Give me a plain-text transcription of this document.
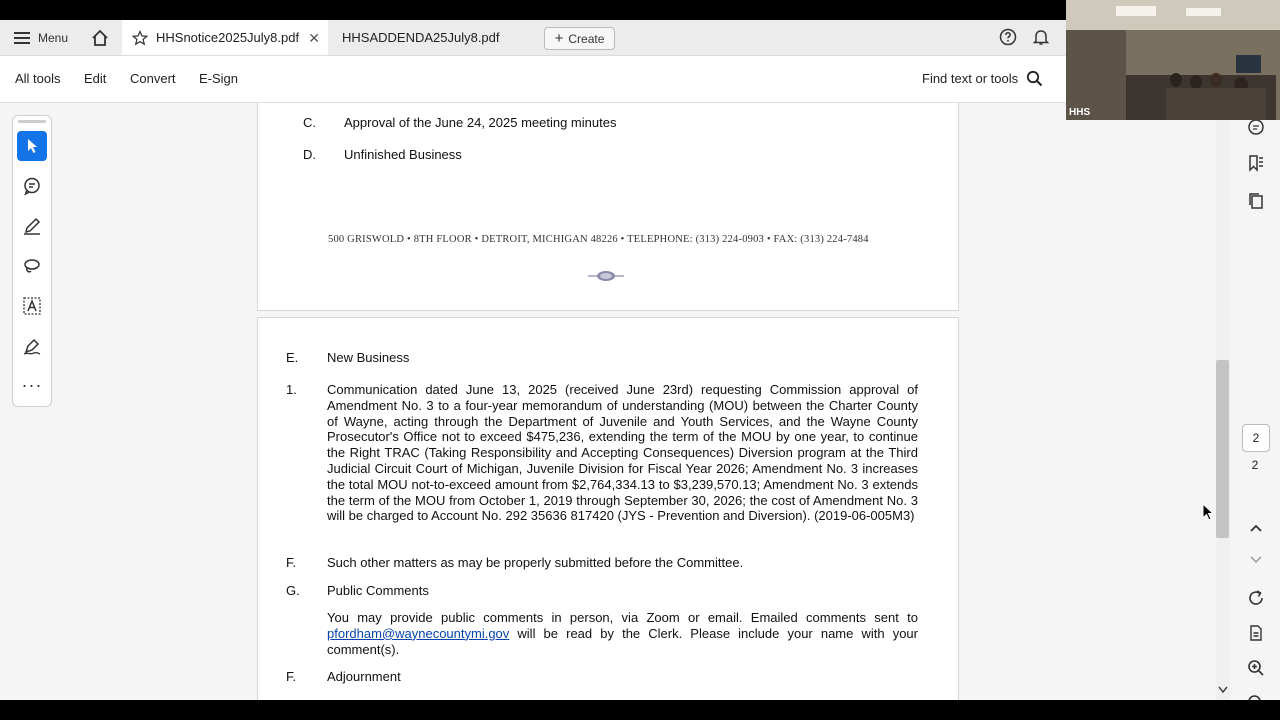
Menu	HHSnotice2025July8.pdf ✕ HHSADDENDA25July8.pdf	+ Create
All tools Edit Convert E-Sign	Find text or tools
···
C. Approval of the June 24, 2025 meeting minutes
D. Unfinished Business
500 GRISWOLD • 8TH FLOOR • DETROIT, MICHIGAN 48226 • TELEPHONE: (313) 224-0903 • FAX: (313) 224-7484
E. New Business
1. Communication dated June 13, 2025 (received June 23rd) requesting Commission approval of Amendment No. 3 to a four-year memorandum of understanding (MOU) between the Charter County of Wayne, acting through the Department of Juvenile and Youth Services, and the Wayne County Prosecutor's Office not to exceed $475,236, extending the term of the MOU by one year, to continue the Right TRAC (Taking Responsibility and Accepting Consequences) Diversion program at the Third Judicial Circuit Court of Michigan, Juvenile Division for Fiscal Year 2026; Amendment No. 3 increases the total MOU not-to-exceed amount from $2,764,334.13 to $3,239,570.13; Amendment No. 3 extends the term of the MOU from October 1, 2019 through September 30, 2026; the cost of Amendment No. 3 will be charged to Account No. 292 35636 817420 (JYS - Prevention and Diversion). (2019-06-005M3)
F. Such other matters as may be properly submitted before the Committee.
G. Public Comments
You may provide public comments in person, via Zoom or email. Emailed comments sent to pfordham@waynecountymi.gov will be read by the Clerk. Please include your name with your comment(s).
F. Adjournment
2
2
HHS
